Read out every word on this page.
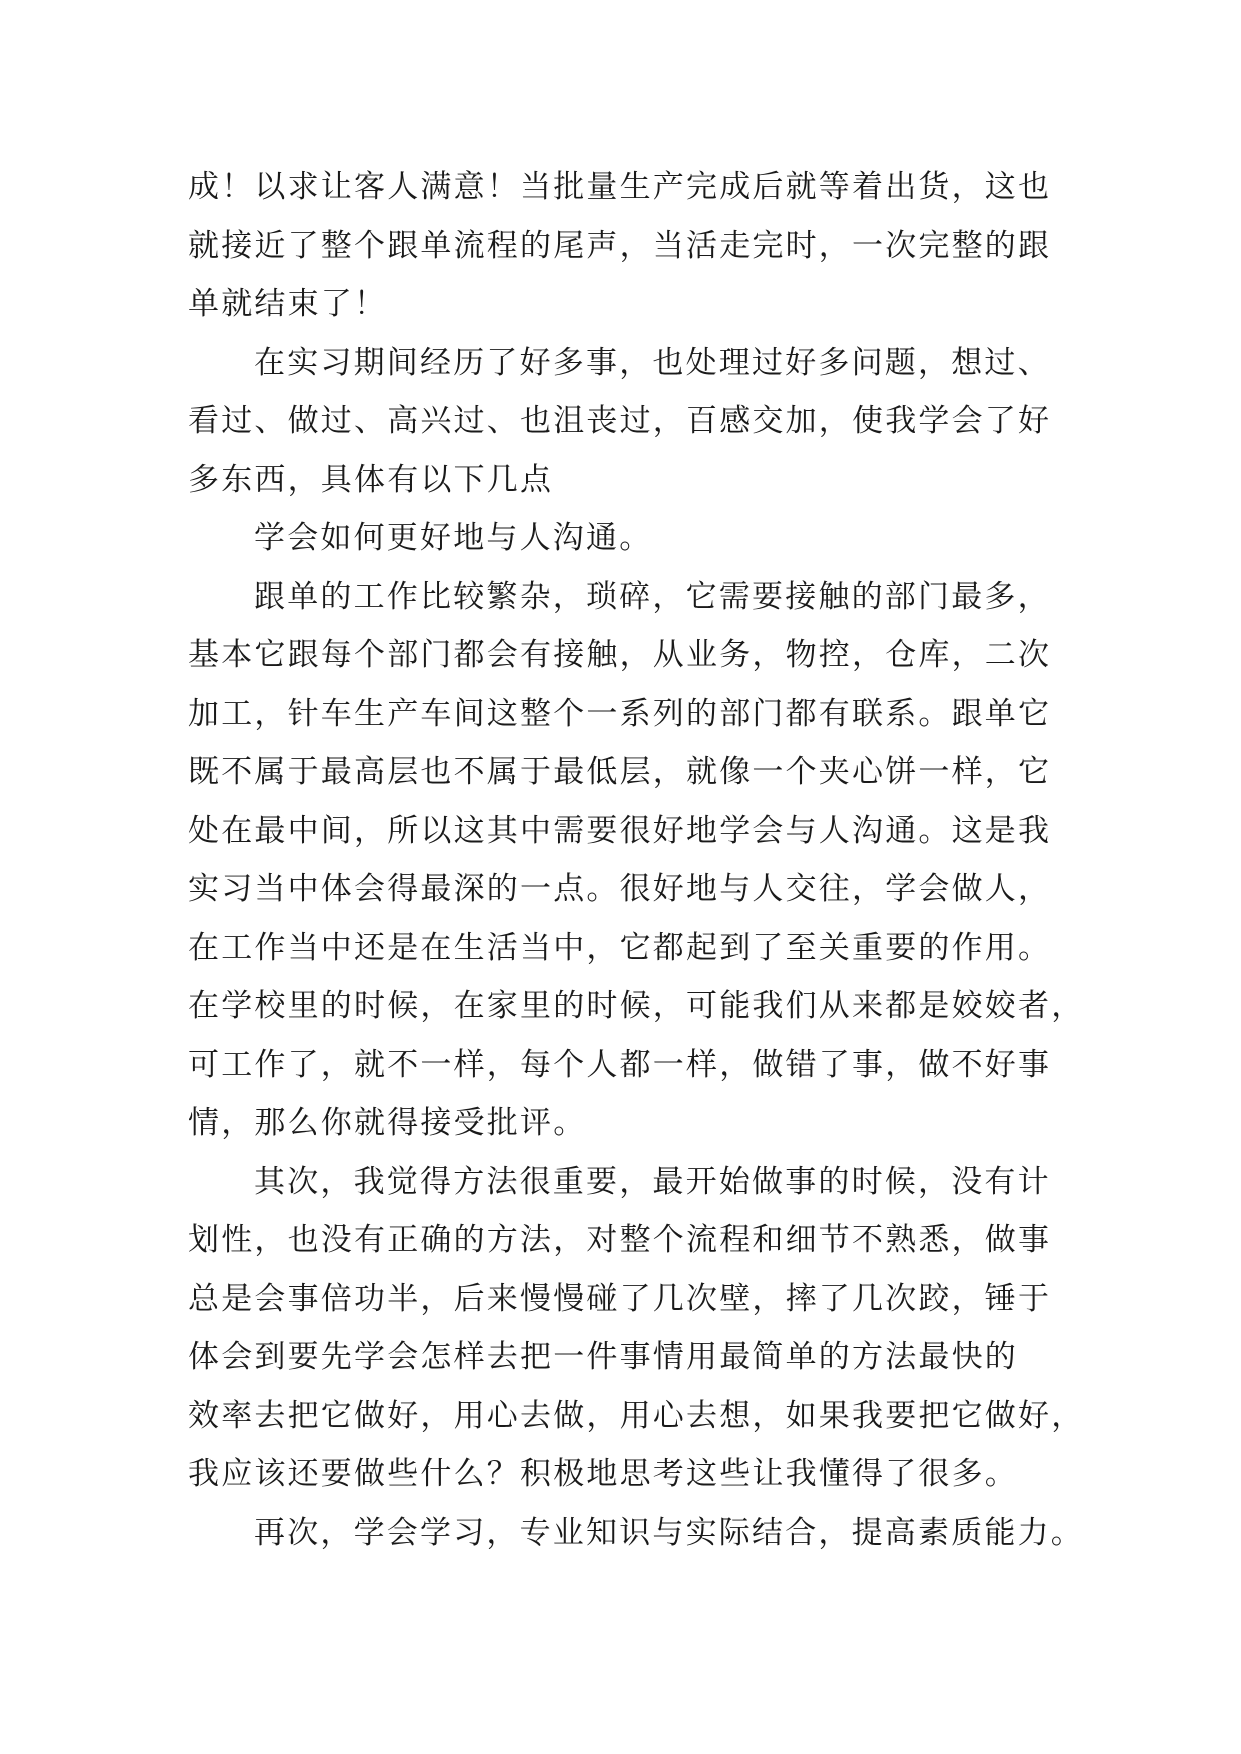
成！以求让客人满意！当批量生产完成后就等着出货，这也
就接近了整个跟单流程的尾声，当活走完时，一次完整的跟
单就结束了！
在实习期间经历了好多事，也处理过好多问题，想过、
看过、做过、高兴过、也沮丧过，百感交加，使我学会了好
多东西，具体有以下几点
学会如何更好地与人沟通。
跟单的工作比较繁杂，琐碎，它需要接触的部门最多，
基本它跟每个部门都会有接触，从业务，物控，仓库，二次
加工，针车生产车间这整个一系列的部门都有联系。跟单它
既不属于最高层也不属于最低层，就像一个夹心饼一样，它
处在最中间，所以这其中需要很好地学会与人沟通。这是我
实习当中体会得最深的一点。很好地与人交往，学会做人，
在工作当中还是在生活当中，它都起到了至关重要的作用。
在学校里的时候，在家里的时候，可能我们从来都是姣姣者，
可工作了，就不一样，每个人都一样，做错了事，做不好事
情，那么你就得接受批评。
其次，我觉得方法很重要，最开始做事的时候，没有计
划性，也没有正确的方法，对整个流程和细节不熟悉，做事
总是会事倍功半，后来慢慢碰了几次壁，摔了几次跤，锤于
体会到要先学会怎样去把一件事情用最简单的方法最快的
效率去把它做好，用心去做，用心去想，如果我要把它做好，
我应该还要做些什么？积极地思考这些让我懂得了很多。
再次，学会学习，专业知识与实际结合，提高素质能力。
